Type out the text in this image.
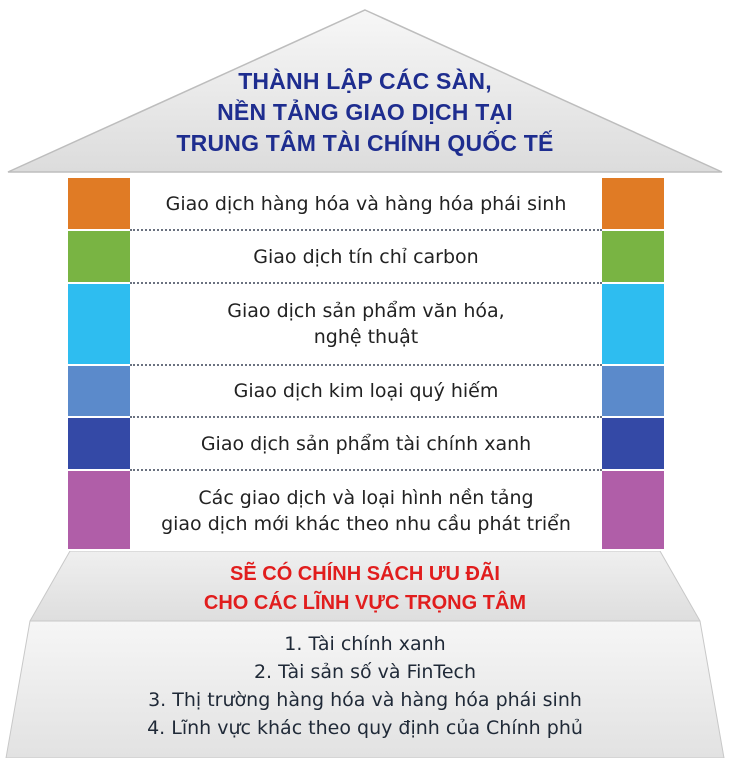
THÀNH LẬP CÁC SÀN,
NỀN TẢNG GIAO DỊCH TẠI
TRUNG TÂM TÀI CHÍNH QUỐC TẾ
Giao dịch hàng hóa và hàng hóa phái sinh
Giao dịch tín chỉ carbon
Giao dịch sản phẩm văn hóa,
nghệ thuật
Giao dịch kim loại quý hiếm
Giao dịch sản phẩm tài chính xanh
Các giao dịch và loại hình nền tảng
giao dịch mới khác theo nhu cầu phát triển
SẼ CÓ CHÍNH SÁCH ƯU ĐÃI
CHO CÁC LĨNH VỰC TRỌNG TÂM
1. Tài chính xanh
2. Tài sản số và FinTech
3. Thị trường hàng hóa và hàng hóa phái sinh
4. Lĩnh vực khác theo quy định của Chính phủ
